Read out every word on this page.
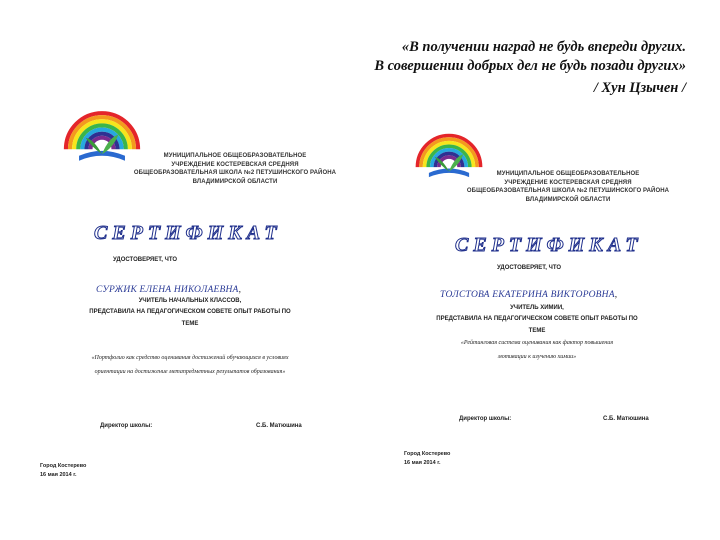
«В получении наград не будь впереди других.
В совершении добрых дел не будь позади других»
/ Хун Цзычен /
МУНИЦИПАЛЬНОЕ ОБЩЕОБРАЗОВАТЕЛЬНОЕ
УЧРЕЖДЕНИЕ КОСТЕРЕВСКАЯ СРЕДНЯЯ
ОБЩЕОБРАЗОВАТЕЛЬНАЯ ШКОЛА №2 ПЕТУШИНСКОГО РАЙОНА
ВЛАДИМИРСКОЙ ОБЛАСТИ
СЕРТИФИКАТ
УДОСТОВЕРЯЕТ, ЧТО
СУРЖИК ЕЛЕНА НИКОЛАЕВНА,
УЧИТЕЛЬ НАЧАЛЬНЫХ КЛАССОВ,
ПРЕДСТАВИЛА НА ПЕДАГОГИЧЕСКОМ СОВЕТЕ ОПЫТ РАБОТЫ ПО
ТЕМЕ
«Портфолио как средство оценивания достижений обучающихся в условиях
ориентации на достижение метапредметных результатов образования»
Директор школы:	С.Б. Матюшина
Город Костерево
16 мая 2014 г.
МУНИЦИПАЛЬНОЕ ОБЩЕОБРАЗОВАТЕЛЬНОЕ
УЧРЕЖДЕНИЕ КОСТЕРЕВСКАЯ СРЕДНЯЯ
ОБЩЕОБРАЗОВАТЕЛЬНАЯ ШКОЛА №2 ПЕТУШИНСКОГО РАЙОНА
ВЛАДИМИРСКОЙ ОБЛАСТИ
СЕРТИФИКАТ
УДОСТОВЕРЯЕТ, ЧТО
ТОЛСТОВА ЕКАТЕРИНА ВИКТОРОВНА,
УЧИТЕЛЬ ХИМИИ,
ПРЕДСТАВИЛА НА ПЕДАГОГИЧЕСКОМ СОВЕТЕ ОПЫТ РАБОТЫ ПО
ТЕМЕ
«Рейтинговая система оценивания как фактор повышения
мотивации к изучению химии»
Директор школы:	С.Б. Матюшина
Город Костерево
16 мая 2014 г.
